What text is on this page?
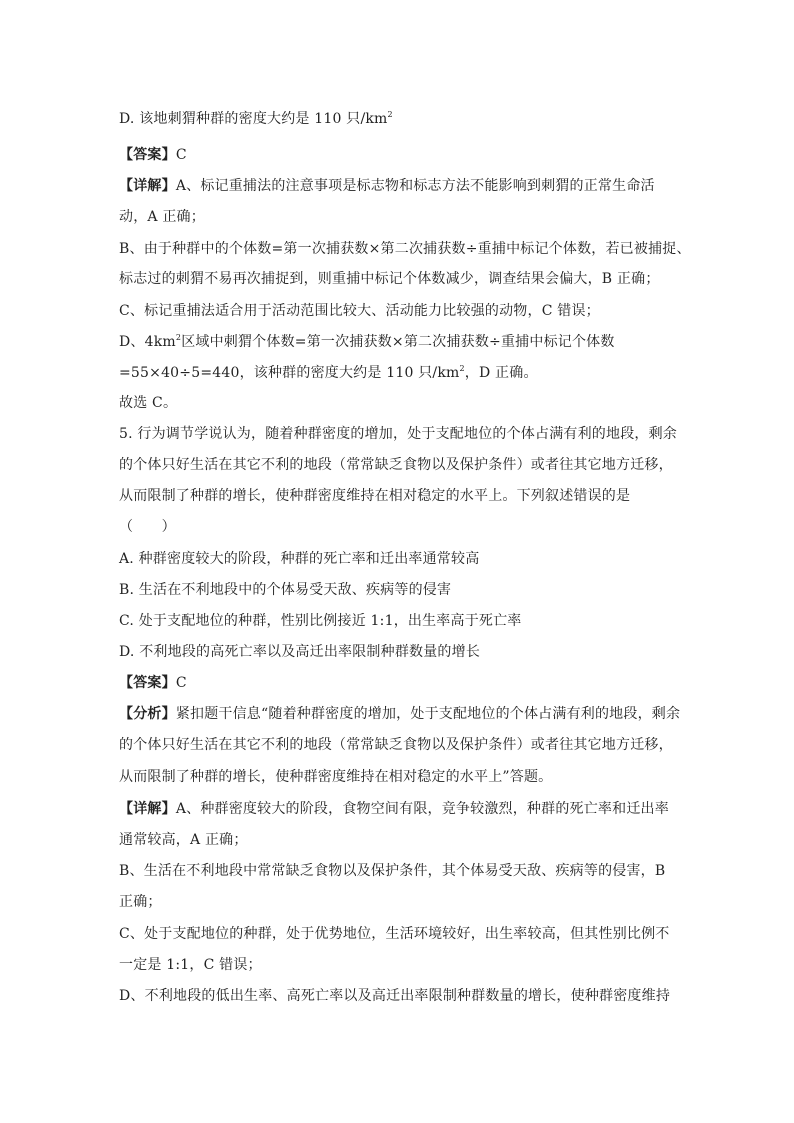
D. 该地刺猬种群的密度大约是 110 只$/km^2$
【答案】C
【详解】A、标记重捕法的注意事项是标志物和标志方法不能影响到刺猬的正常生命活
动，A 正确；
B、由于种群中的个体数=第一次捕获数×第二次捕获数÷重捕中标记个体数，若已被捕捉、
标志过的刺猬不易再次捕捉到，则重捕中标记个体数减少，调查结果会偏大，B 正确；
C、标记重捕法适合用于活动范围比较大、活动能力比较强的动物，C 错误；
D、$4km^2$区域中刺猬个体数=第一次捕获数×第二次捕获数÷重捕中标记个体数
=55×40÷5=440，该种群的密度大约是 110 只$/km^2$，D 正确。
故选 C。
5. 行为调节学说认为，随着种群密度的增加，处于支配地位的个体占满有利的地段，剩余
的个体只好生活在其它不利的地段（常常缺乏食物以及保护条件）或者往其它地方迁移，
从而限制了种群的增长，使种群密度维持在相对稳定的水平上。下列叙述错误的是
（　　）
A. 种群密度较大的阶段，种群的死亡率和迁出率通常较高
B. 生活在不利地段中的个体易受天敌、疾病等的侵害
C. 处于支配地位的种群，性别比例接近 1:1，出生率高于死亡率
D. 不利地段的高死亡率以及高迁出率限制种群数量的增长
【答案】C
【分析】紧扣题干信息“随着种群密度的增加，处于支配地位的个体占满有利的地段，剩余
的个体只好生活在其它不利的地段（常常缺乏食物以及保护条件）或者往其它地方迁移，
从而限制了种群的增长，使种群密度维持在相对稳定的水平上”答题。
【详解】A、种群密度较大的阶段，食物空间有限，竞争较激烈，种群的死亡率和迁出率
通常较高，A 正确；
B、生活在不利地段中常常缺乏食物以及保护条件，其个体易受天敌、疾病等的侵害，B
正确；
C、处于支配地位的种群，处于优势地位，生活环境较好，出生率较高，但其性别比例不
一定是 1:1，C 错误；
D、不利地段的低出生率、高死亡率以及高迁出率限制种群数量的增长，使种群密度维持
